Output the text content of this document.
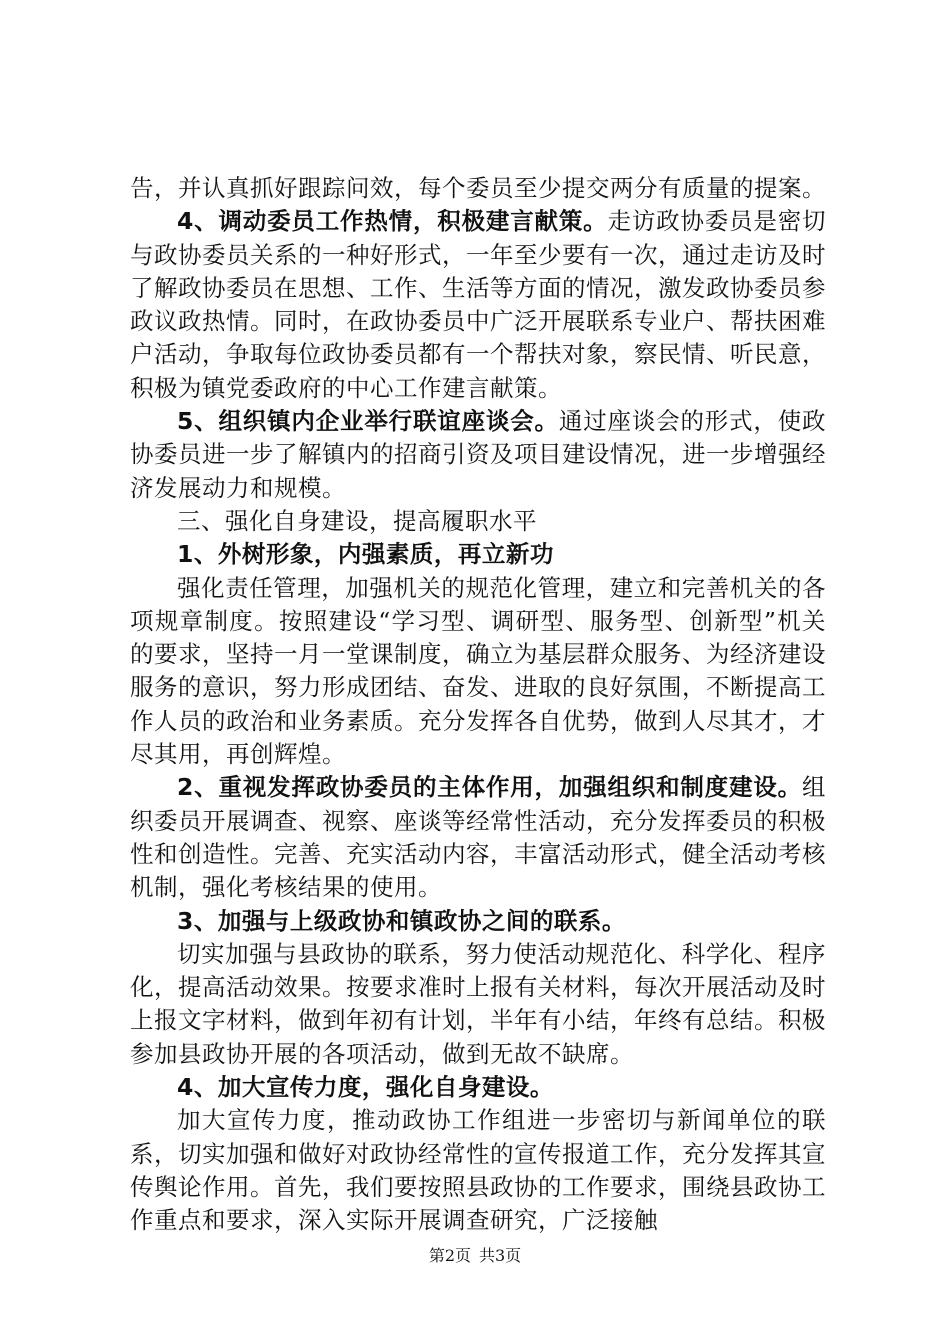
告，并认真抓好跟踪问效，每个委员至少提交两分有质量的提案。

4、调动委员工作热情，积极建言献策。走访政协委员是密切与政协委员关系的一种好形式，一年至少要有一次，通过走访及时了解政协委员在思想、工作、生活等方面的情况，激发政协委员参政议政热情。同时，在政协委员中广泛开展联系专业户、帮扶困难户活动，争取每位政协委员都有一个帮扶对象，察民情、听民意，积极为镇党委政府的中心工作建言献策。

5、组织镇内企业举行联谊座谈会。通过座谈会的形式，使政协委员进一步了解镇内的招商引资及项目建设情况，进一步增强经济发展动力和规模。

三、强化自身建设，提高履职水平

1、外树形象，内强素质，再立新功

强化责任管理，加强机关的规范化管理，建立和完善机关的各项规章制度。按照建设“学习型、调研型、服务型、创新型”机关的要求，坚持一月一堂课制度，确立为基层群众服务、为经济建设服务的意识，努力形成团结、奋发、进取的良好氛围，不断提高工作人员的政治和业务素质。充分发挥各自优势，做到人尽其才，才尽其用，再创辉煌。

2、重视发挥政协委员的主体作用，加强组织和制度建设。组织委员开展调查、视察、座谈等经常性活动，充分发挥委员的积极性和创造性。完善、充实活动内容，丰富活动形式，健全活动考核机制，强化考核结果的使用。

3、加强与上级政协和镇政协之间的联系。

切实加强与县政协的联系，努力使活动规范化、科学化、程序化，提高活动效果。按要求准时上报有关材料，每次开展活动及时上报文字材料，做到年初有计划，半年有小结，年终有总结。积极参加县政协开展的各项活动，做到无故不缺席。

4、加大宣传力度，强化自身建设。

加大宣传力度，推动政协工作组进一步密切与新闻单位的联系，切实加强和做好对政协经常性的宣传报道工作，充分发挥其宣传舆论作用。首先，我们要按照县政协的工作要求，围绕县政协工作重点和要求，深入实际开展调查研究，广泛接触

第2页 共3页
